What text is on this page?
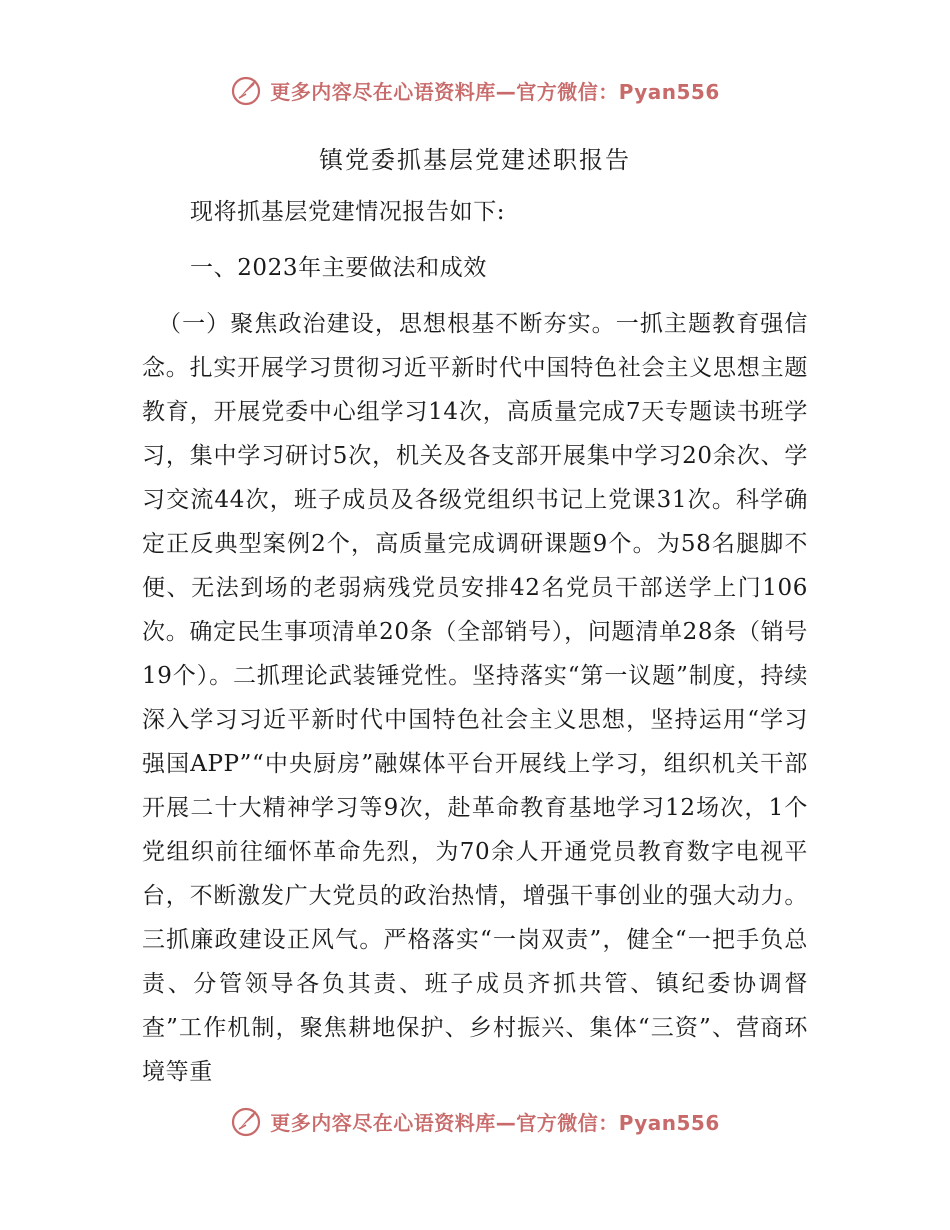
更多内容尽在心语资料库—官方微信：Pyan556
镇党委抓基层党建述职报告

现将抓基层党建情况报告如下:

一、2023年主要做法和成效

（一）聚焦政治建设，思想根基不断夯实。一抓主题教育强信念。扎实开展学习贯彻习近平新时代中国特色社会主义思想主题教育，开展党委中心组学习14次，高质量完成7天专题读书班学习，集中学习研讨5次，机关及各支部开展集中学习20余次、学习交流44次，班子成员及各级党组织书记上党课31次。科学确定正反典型案例2个，高质量完成调研课题9个。为58名腿脚不便、无法到场的老弱病残党员安排42名党员干部送学上门106次。确定民生事项清单20条（全部销号），问题清单28条（销号19个）。二抓理论武装锤党性。坚持落实“第一议题”制度，持续深入学习习近平新时代中国特色社会主义思想，坚持运用“学习强国APP”“中央厨房”融媒体平台开展线上学习，组织机关干部开展二十大精神学习等9次，赴革命教育基地学习12场次，1个党组织前往缅怀革命先烈，为70余人开通党员教育数字电视平台，不断激发广大党员的政治热情，增强干事创业的强大动力。三抓廉政建设正风气。严格落实“一岗双责”，健全“一把手负总责、分管领导各负其责、班子成员齐抓共管、镇纪委协调督查”工作机制，聚焦耕地保护、乡村振兴、集体“三资”、营商环境等重

更多内容尽在心语资料库—官方微信：Pyan556
